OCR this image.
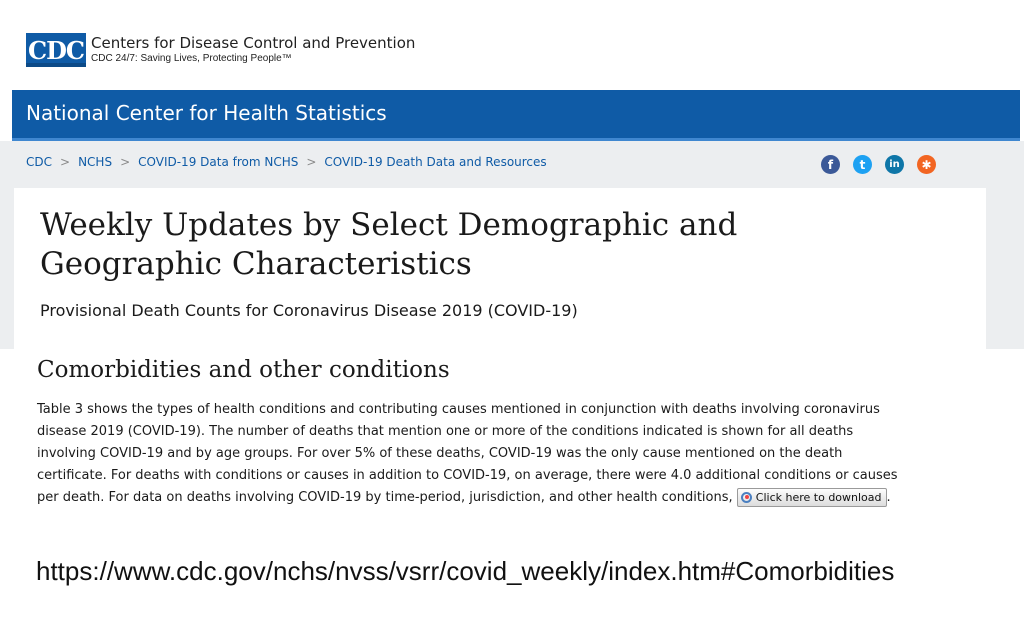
CDC Centers for Disease Control and Prevention
CDC 24/7: Saving Lives, Protecting People™
National Center for Health Statistics
CDC > NCHS > COVID-19 Data from NCHS > COVID-19 Death Data and Resources	f	t	in	✱
Weekly Updates by Select Demographic and Geographic Characteristics
Provisional Death Counts for Coronavirus Disease 2019 (COVID-19)
Comorbidities and other conditions

Table 3 shows the types of health conditions and contributing causes mentioned in conjunction with deaths involving coronavirus disease 2019 (COVID-19). The number of deaths that mention one or more of the conditions indicated is shown for all deaths involving COVID-19 and by age groups. For over 5% of these deaths, COVID-19 was the only cause mentioned on the death certificate. For deaths with conditions or causes in addition to COVID-19, on average, there were 4.0 additional conditions or causes per death. For data on deaths involving COVID-19 by time-period, jurisdiction, and other health conditions, Click here to download .

https://www.cdc.gov/nchs/nvss/vsrr/covid_weekly/index.htm#Comorbidities
